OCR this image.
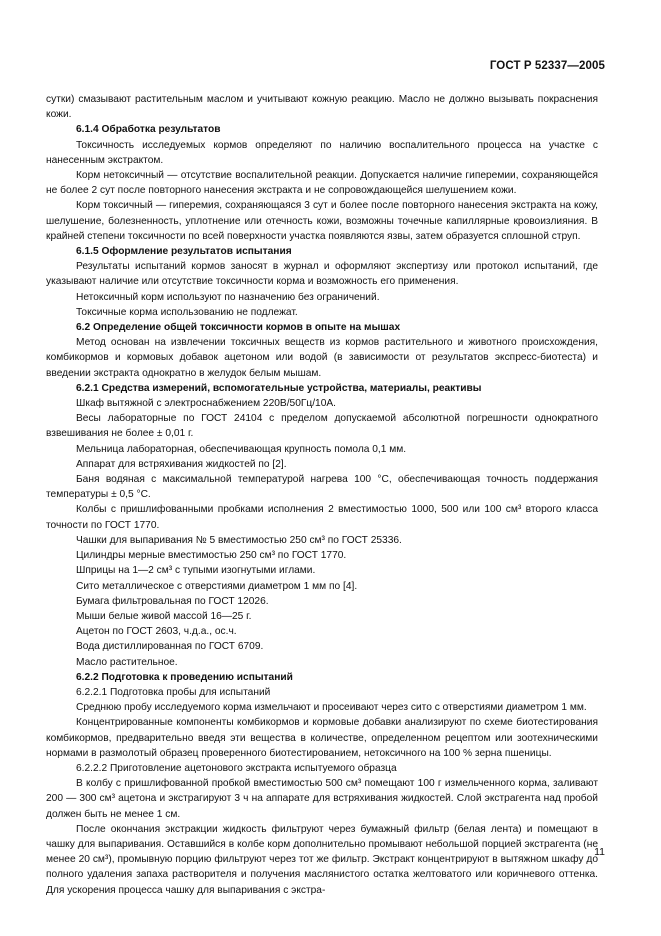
ГОСТ Р 52337—2005

сутки) смазывают растительным маслом и учитывают кожную реакцию. Масло не должно вызывать покраснения кожи.

6.1.4 Обработка результатов

Токсичность исследуемых кормов определяют по наличию воспалительного процесса на участке с нанесенным экстрактом.

Корм нетоксичный — отсутствие воспалительной реакции. Допускается наличие гиперемии, сохраняющейся не более 2 сут после повторного нанесения экстракта и не сопровождающейся шелушением кожи.

Корм токсичный — гиперемия, сохраняющаяся 3 сут и более после повторного нанесения экстракта на кожу, шелушение, болезненность, уплотнение или отечность кожи, возможны точечные капиллярные кровоизлияния. В крайней степени токсичности по всей поверхности участка появляются язвы, затем образуется сплошной струп.

6.1.5 Оформление результатов испытания

Результаты испытаний кормов заносят в журнал и оформляют экспертизу или протокол испытаний, где указывают наличие или отсутствие токсичности корма и возможность его применения.

Нетоксичный корм используют по назначению без ограничений.

Токсичные корма использованию не подлежат.

6.2 Определение общей токсичности кормов в опыте на мышах

Метод основан на извлечении токсичных веществ из кормов растительного и животного происхождения, комбикормов и кормовых добавок ацетоном или водой (в зависимости от результатов экспресс-биотеста) и введении экстракта однократно в желудок белым мышам.

6.2.1 Средства измерений, вспомогательные устройства, материалы, реактивы

Шкаф вытяжной с электроснабжением 220В/50Гц/10А.

Весы лабораторные по ГОСТ 24104 с пределом допускаемой абсолютной погрешности однократного взвешивания не более ± 0,01 г.

Мельница лабораторная, обеспечивающая крупность помола 0,1 мм.

Аппарат для встряхивания жидкостей по [2].

Баня водяная с максимальной температурой нагрева 100 °С, обеспечивающая точность поддержания температуры ± 0,5 °С.

Колбы с пришлифованными пробками исполнения 2 вместимостью 1000, 500 или 100 см³ второго класса точности по ГОСТ 1770.

Чашки для выпаривания № 5 вместимостью 250 см³ по ГОСТ 25336.

Цилиндры мерные вместимостью 250 см³ по ГОСТ 1770.

Шприцы на 1—2 см³ с тупыми изогнутыми иглами.

Сито металлическое с отверстиями диаметром 1 мм по [4].

Бумага фильтровальная по ГОСТ 12026.

Мыши белые живой массой 16—25 г.

Ацетон по ГОСТ 2603, ч.д.а., ос.ч.

Вода дистиллированная по ГОСТ 6709.

Масло растительное.

6.2.2 Подготовка к проведению испытаний

6.2.2.1 Подготовка пробы для испытаний

Среднюю пробу исследуемого корма измельчают и просеивают через сито с отверстиями диаметром 1 мм.

Концентрированные компоненты комбикормов и кормовые добавки анализируют по схеме биотестирования комбикормов, предварительно введя эти вещества в количестве, определенном рецептом или зоотехническими нормами в размолотый образец проверенного биотестированием, нетоксичного на 100 % зерна пшеницы.

6.2.2.2 Приготовление ацетонового экстракта испытуемого образца

В колбу с пришлифованной пробкой вместимостью 500 см³ помещают 100 г измельченного корма, заливают 200 — 300 см³ ацетона и экстрагируют 3 ч на аппарате для встряхивания жидкостей. Слой экстрагента над пробой должен быть не менее 1 см.

После окончания экстракции жидкость фильтруют через бумажный фильтр (белая лента) и помещают в чашку для выпаривания. Оставшийся в колбе корм дополнительно промывают небольшой порцией экстрагента (не менее 20 см³), промывную порцию фильтруют через тот же фильтр. Экстракт концентрируют в вытяжном шкафу до полного удаления запаха растворителя и получения маслянистого остатка желтоватого или коричневого оттенка. Для ускорения процесса чашку для выпаривания с экстра-

11
